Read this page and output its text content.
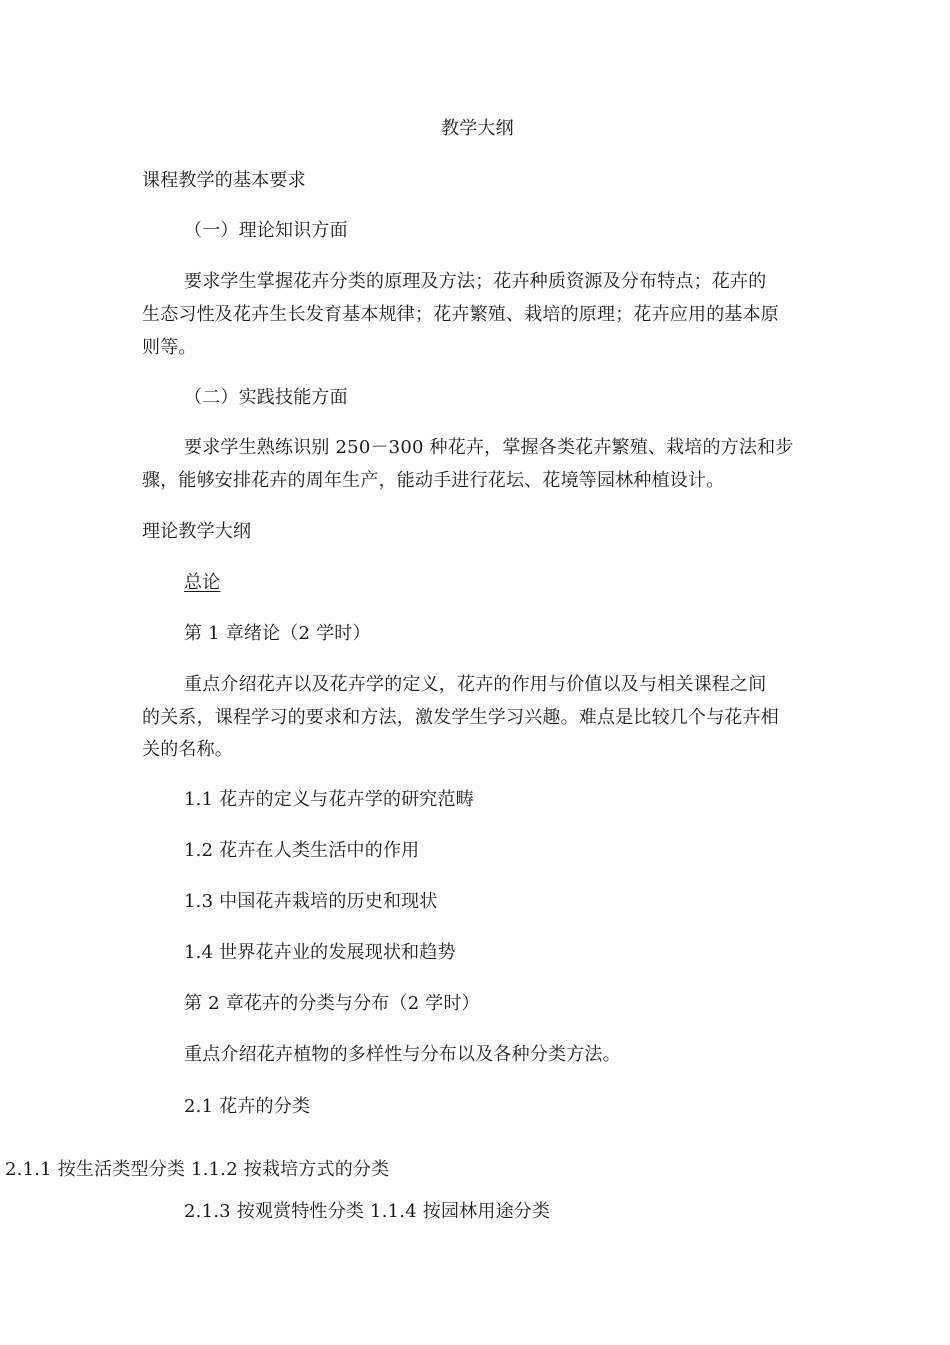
教学大纲
课程教学的基本要求
（一）理论知识方面
要求学生掌握花卉分类的原理及方法；花卉种质资源及分布特点；花卉的
生态习性及花卉生长发育基本规律；花卉繁殖、栽培的原理；花卉应用的基本原
则等。
（二）实践技能方面
要求学生熟练识别 250－300 种花卉，掌握各类花卉繁殖、栽培的方法和步
骤，能够安排花卉的周年生产，能动手进行花坛、花境等园林种植设计。
理论教学大纲
总论
第 1 章绪论（2 学时）
重点介绍花卉以及花卉学的定义，花卉的作用与价值以及与相关课程之间
的关系，课程学习的要求和方法，激发学生学习兴趣。难点是比较几个与花卉相
关的名称。
1.1 花卉的定义与花卉学的研究范畴
1.2 花卉在人类生活中的作用
1.3 中国花卉栽培的历史和现状
1.4 世界花卉业的发展现状和趋势
第 2 章花卉的分类与分布（2 学时）
重点介绍花卉植物的多样性与分布以及各种分类方法。
2.1 花卉的分类
2.1.1 按生活类型分类 1.1.2 按栽培方式的分类
2.1.3 按观赏特性分类 1.1.4 按园林用途分类
